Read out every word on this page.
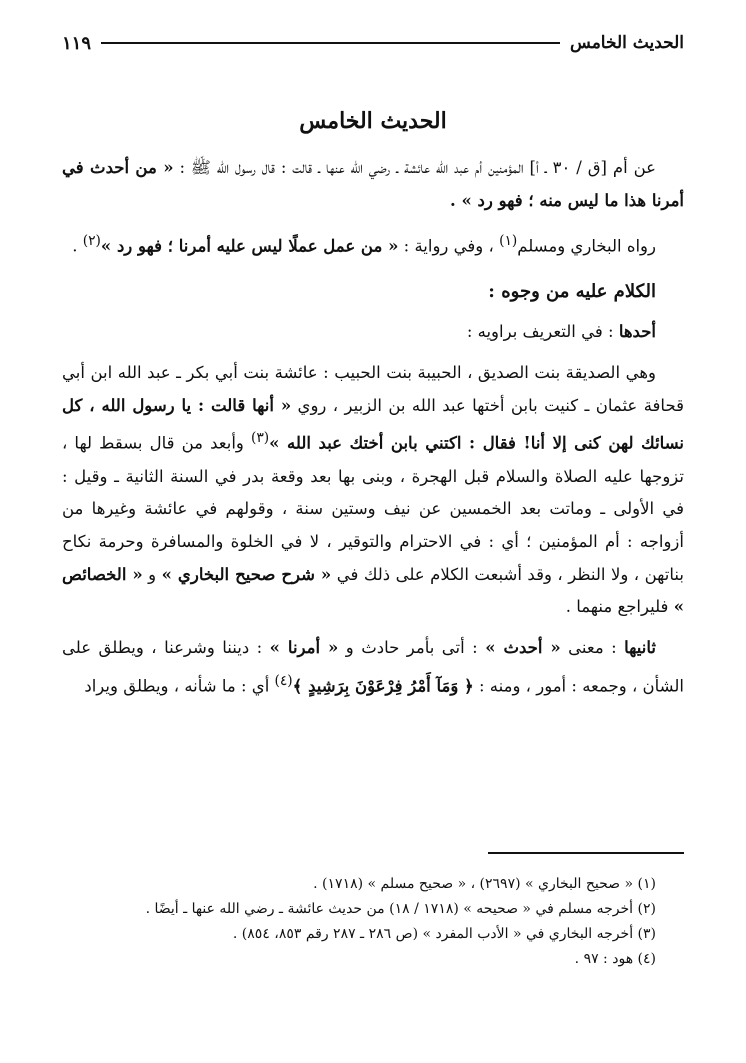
الحديث الخامس
١١٩
الحديث الخامس

عن أم [ق / ٣٠ ـ أ] المؤمنين أم عبد الله عائشة ـ رضي الله عنها ـ قالت : قال رسول الله ﷺ : « من أحدث في أمرنا هذا ما ليس منه ؛ فهو رد » .

رواه البخاري ومسلم$^{(١)}$ ، وفي رواية : « من عمل عملًا ليس عليه أمرنا ؛ فهو رد »$^{(٢)}$ .

الكلام عليه من وجوه :

أحدها : في التعريف براويه :

وهي الصديقة بنت الصديق ، الحبيبة بنت الحبيب : عائشة بنت أبي بكر ـ عبد الله ابن أبي قحافة عثمان ـ كنيت بابن أختها عبد الله بن الزبير ، روي « أنها قالت : يا رسول الله ، كل نسائك لهن كنى إلا أنا! فقال : اكتني بابن أختك عبد الله »$^{(٣)}$ وأبعد من قال بسقط لها ، تزوجها عليه الصلاة والسلام قبل الهجرة ، وبنى بها بعد وقعة بدر في السنة الثانية ـ وقيل : في الأولى ـ وماتت بعد الخمسين عن نيف وستين سنة ، وقولهم في عائشة وغيرها من أزواجه : أم المؤمنين ؛ أي : في الاحترام والتوقير ، لا في الخلوة والمسافرة وحرمة نكاح بناتهن ، ولا النظر ، وقد أشبعت الكلام على ذلك في « شرح صحيح البخاري » و « الخصائص » فليراجع منهما .

ثانيها : معنى « أحدث » : أتى بأمر حادث و « أمرنا » : ديننا وشرعنا ، ويطلق على الشأن ، وجمعه : أمور ، ومنه : ﴿ وَمَآ أَمْرُ فِرْعَوْنَ بِرَشِيدٍ ﴾$^{(٤)}$ أي : ما شأنه ، ويطلق ويراد

(١) « صحيح البخاري » (٢٦٩٧) ، « صحيح مسلم » (١٧١٨) .

(٢) أخرجه مسلم في « صحيحه » (١٧١٨ / ١٨) من حديث عائشة ـ رضي الله عنها ـ أيضًا .

(٣) أخرجه البخاري في « الأدب المفرد » (ص ٢٨٦ ـ ٢٨٧ رقم ٨٥٣، ٨٥٤) .

(٤) هود : ٩٧ .
